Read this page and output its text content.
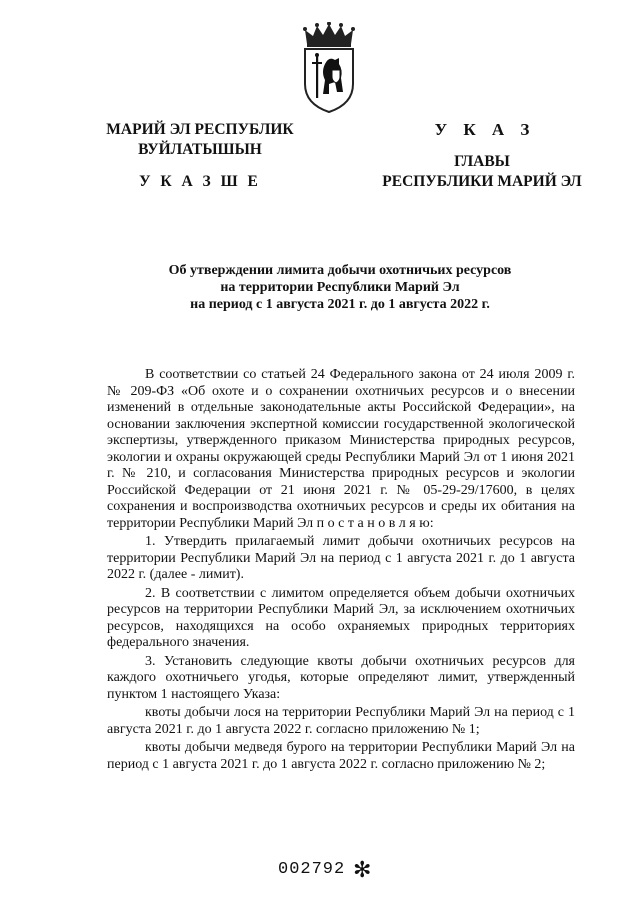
МАРИЙ ЭЛ РЕСПУБЛИК
ВУЙЛАТЫШЫН
У К А З Ш Е
У К А З
ГЛАВЫ
РЕСПУБЛИКИ МАРИЙ ЭЛ
Об утверждении лимита добычи охотничьих ресурсов
на территории Республики Марий Эл
на период с 1 августа 2021 г. до 1 августа 2022 г.

В соответствии со статьей 24 Федерального закона от 24 июля 2009 г. № 209-ФЗ «Об охоте и о сохранении охотничьих ресурсов и о внесении изменений в отдельные законодательные акты Российской Федерации», на основании заключения экспертной комиссии государственной экологической экспертизы, утвержденного приказом Министерства природных ресурсов, экологии и охраны окружающей среды Республики Марий Эл от 1 июня 2021 г. № 210, и согласования Министерства природных ресурсов и экологии Российской Федерации от 21 июня 2021 г. № 05-29-29/17600, в целях сохранения и воспроизводства охотничьих ресурсов и среды их обитания на территории Республики Марий Эл п о с т а н о в л я ю:

1. Утвердить прилагаемый лимит добычи охотничьих ресурсов на территории Республики Марий Эл на период с 1 августа 2021 г. до 1 августа 2022 г. (далее - лимит).

2. В соответствии с лимитом определяется объем добычи охотничьих ресурсов на территории Республики Марий Эл, за исключением охотничьих ресурсов, находящихся на особо охраняемых природных территориях федерального значения.

3. Установить следующие квоты добычи охотничьих ресурсов для каждого охотничьего угодья, которые определяют лимит, утвержденный пунктом 1 настоящего Указа:

квоты добычи лося на территории Республики Марий Эл на период с 1 августа 2021 г. до 1 августа 2022 г. согласно приложению № 1;

квоты добычи медведя бурого на территории Республики Марий Эл на период с 1 августа 2021 г. до 1 августа 2022 г. согласно приложению № 2;

002792 ✻
